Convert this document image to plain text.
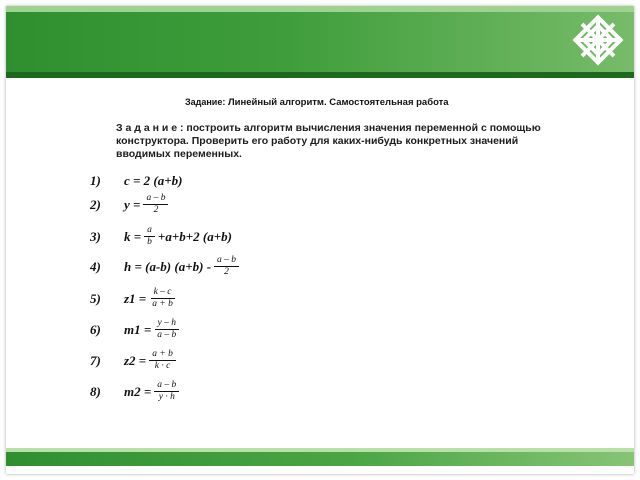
Задание: Линейный алгоритм. Самостоятельная работа
З а д а н и е : построить алгоритм вычисления значения переменной с помощью конструктора. Проверить его работу для каких-нибудь конкретных значений вводимых переменных.
1)	c = 2 (a+b)
2)	$y = \frac{a - b}{2}$
3)	$k = \frac{a}{b} +a+b+2$ (a+b)
4)	h = (a-b) $(a+b) - \frac{a - b}{2}$
5)	$z1 = \frac{k - c}{a + b}$
6)	$m1 = \frac{y - h}{a - b}$
7)	$z2 = \frac{a + b}{k \cdot c}$
8)	$m2 = \frac{a - b}{y \cdot h}$
